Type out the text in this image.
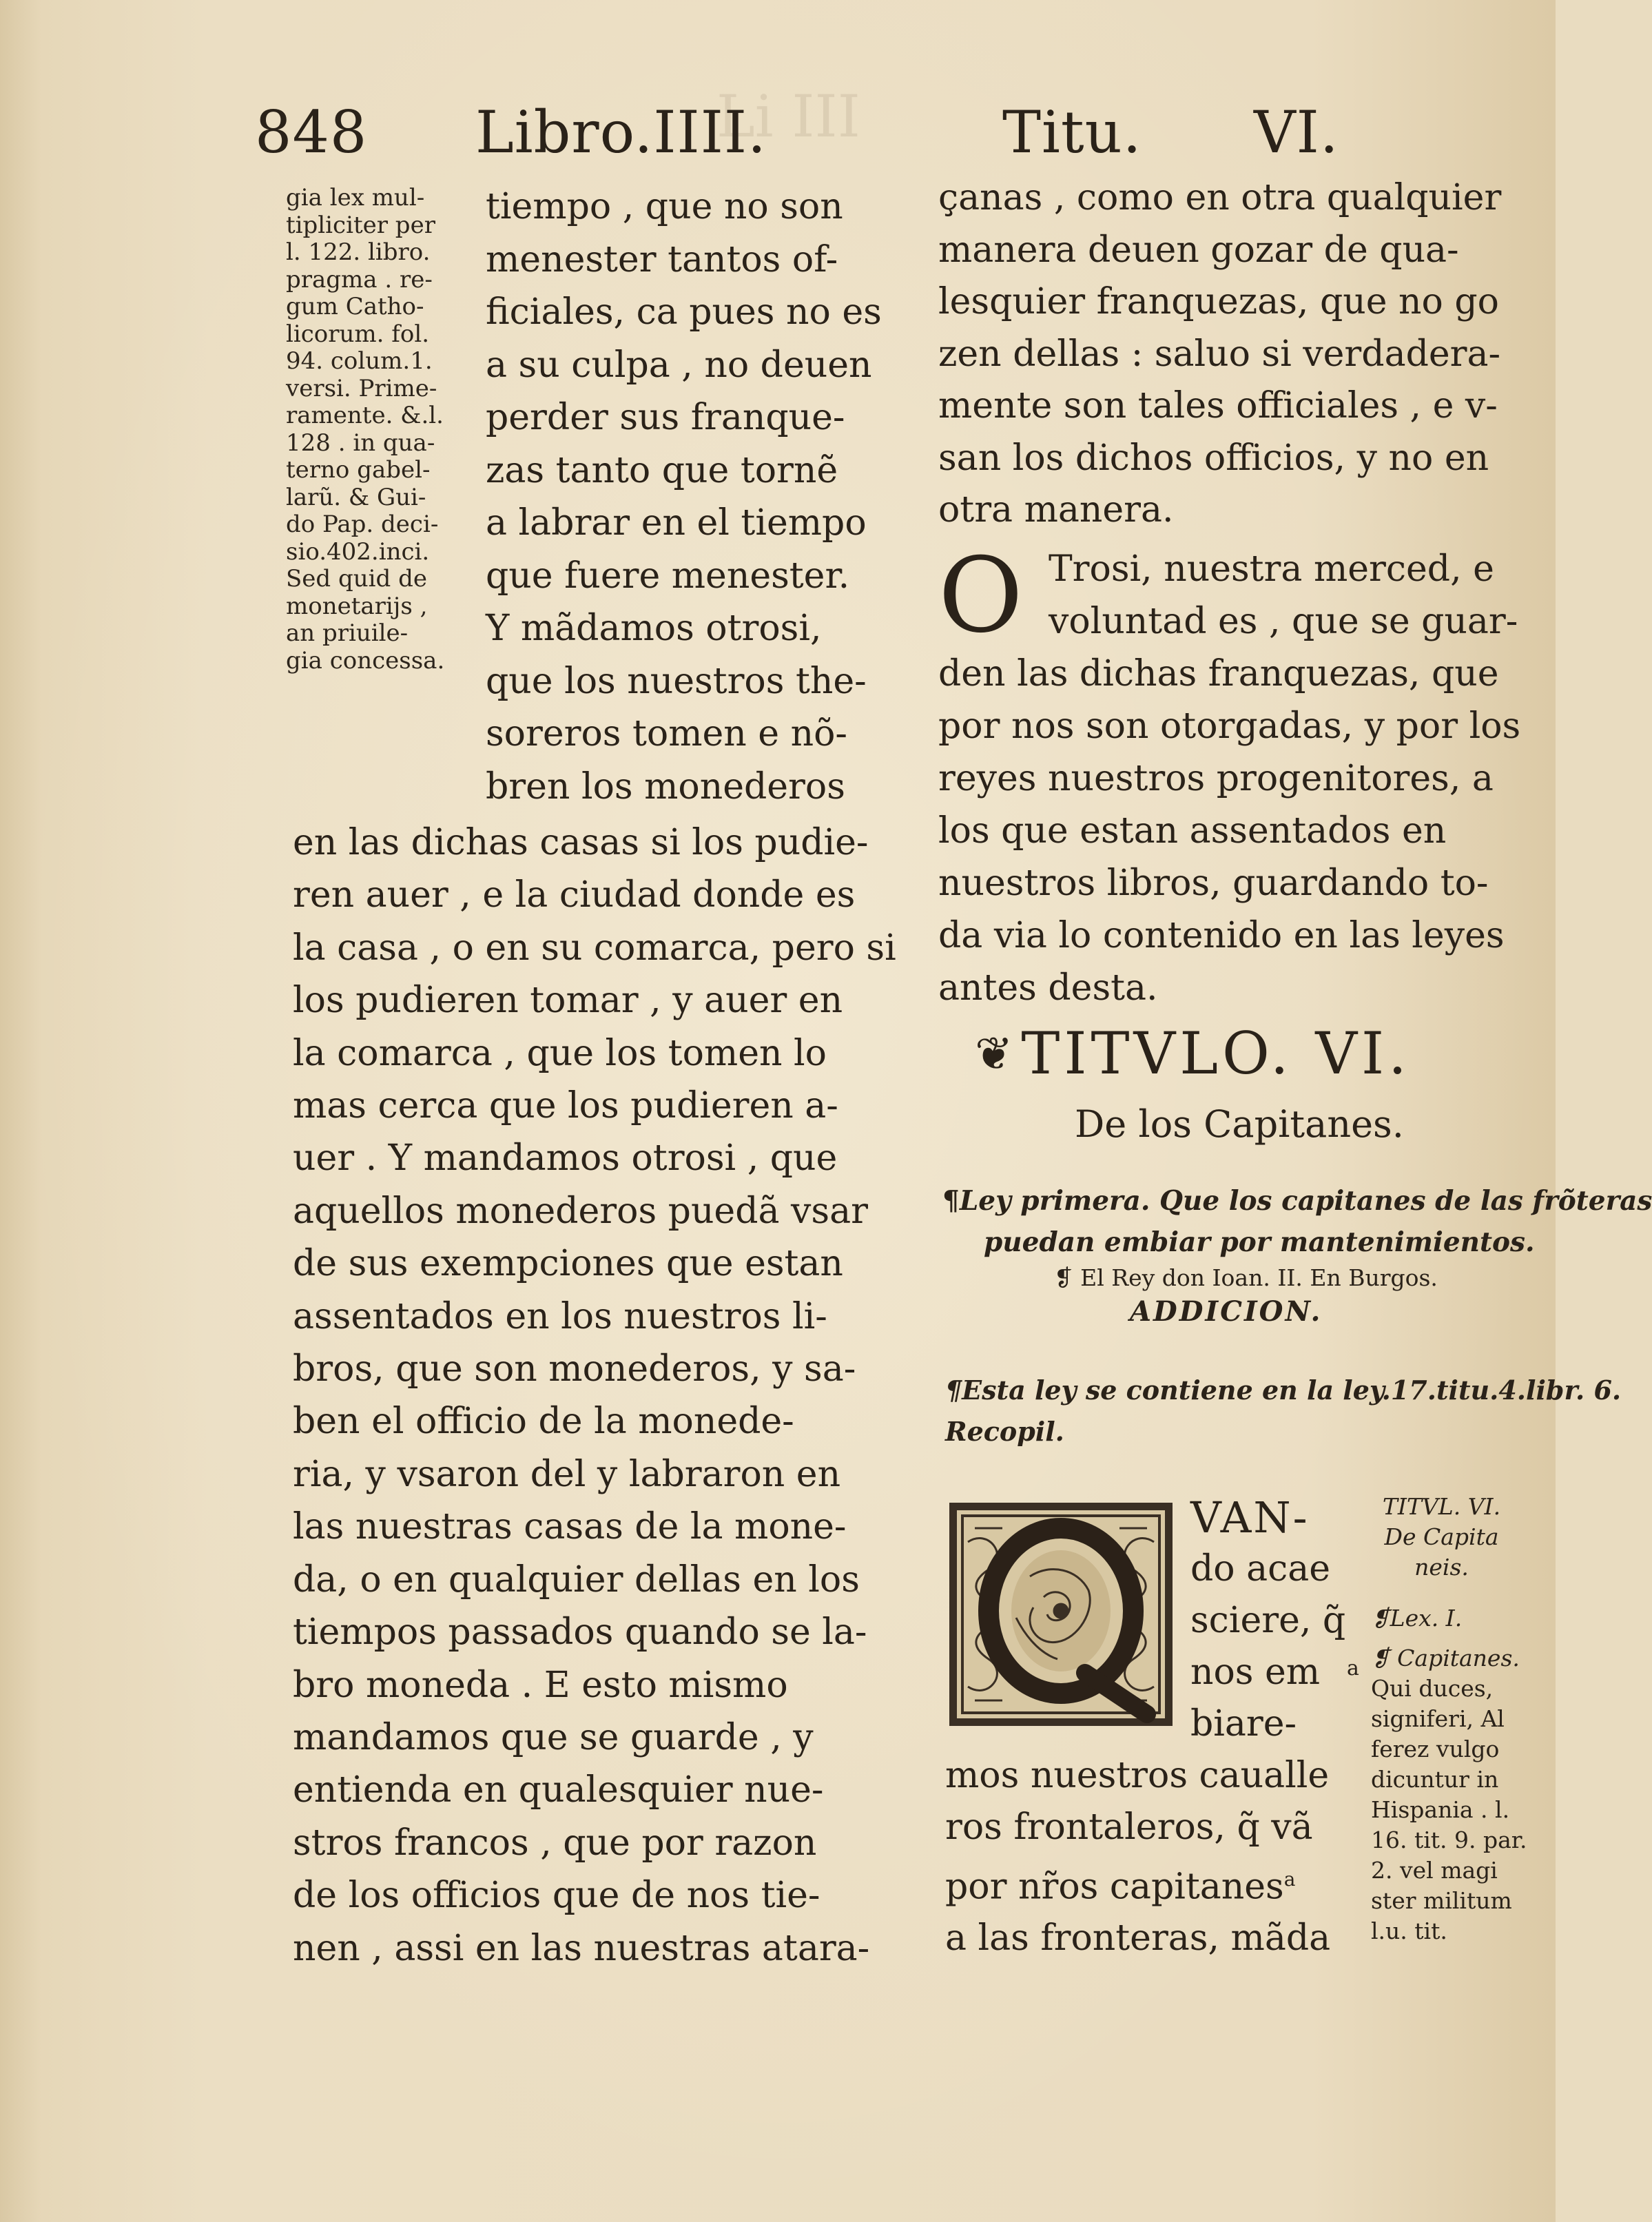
Li III
848 Libro.IIII.	Titu. VI.
gia lex mul-
tipliciter per
l. 122. libro.
pragma . re-
gum Catho-
licorum. fol.
94. colum.1.
versi. Prime-
ramente. &.l.
128 . in qua-
terno gabel-
larũ. & Gui-
do Pap. deci-
sio.402.inci.
Sed quid de
monetarijs ,
an priuile-
gia concessa.
tiempo , que no son
menester tantos of-
ficiales, ca pues no es
a su culpa , no deuen
perder sus franque-
zas tanto que tornẽ
a labrar en el tiempo
que fuere menester.
Y mãdamos otrosi,
que los nuestros the-
soreros tomen e nõ-
bren los monederos
en las dichas casas si los pudie-
ren auer , e la ciudad donde es
la casa , o en su comarca, pero si
los pudieren tomar , y auer en
la comarca , que los tomen lo
mas cerca que los pudieren a-
uer . Y mandamos otrosi , que
aquellos monederos puedã vsar
de sus exempciones que estan
assentados en los nuestros li-
bros, que son monederos, y sa-
ben el officio de la monede-
ria, y vsaron del y labraron en
las nuestras casas de la mone-
da, o en qualquier dellas en los
tiempos passados quando se la-
bro moneda . E esto mismo
mandamos que se guarde , y
entienda en qualesquier nue-
stros francos , que por razon
de los officios que de nos tie-
nen , assi en las nuestras atara-
çanas , como en otra qualquier
manera deuen gozar de qua-
lesquier franquezas, que no go
zen dellas : saluo si verdadera-
mente son tales officiales , e v-
san los dichos officios, y no en
otra manera.
O Trosi, nuestra merced, e
voluntad es , que se guar-
den las dichas franquezas, que
por nos son otorgadas, y por los
reyes nuestros progenitores, a
los que estan assentados en
nuestros libros, guardando to-
da via lo contenido en las leyes
antes desta.
❦TITVLO. VI.
De los Capitanes.
¶Ley primera. Que los capitanes de las frõteras
puedan embiar por mantenimientos.
❡ El Rey don Ioan. II. En Burgos.
ADDICION.
¶Esta ley se contiene en la ley.17.titu.4.libr. 6.
Recopil.
VAN-
do acae
sciere, q̃
nos em
biare-
a
mos nuestros caualle
ros frontaleros, q̃ vã
por nr̃os capitanes$^a$
a las fronteras, mãda
TITVL. VI.
De Capita
neis.
❡Lex. I.
❡ Capitanes.
Qui duces,
signiferi, Al
ferez vulgo
dicuntur in
Hispania . l.
16. tit. 9. par.
2. vel magi
ster militum
l.u. tit.
